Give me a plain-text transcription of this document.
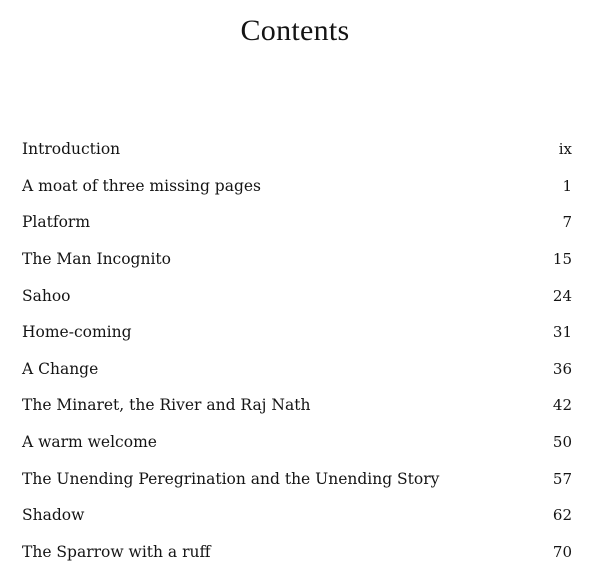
Contents
Introduction	ix
A moat of three missing pages	1
Platform	7
The Man Incognito	15
Sahoo	24
Home-coming	31
A Change	36
The Minaret, the River and Raj Nath	42
A warm welcome	50
The Unending Peregrination and the Unending Story	57
Shadow	62
The Sparrow with a ruff	70
